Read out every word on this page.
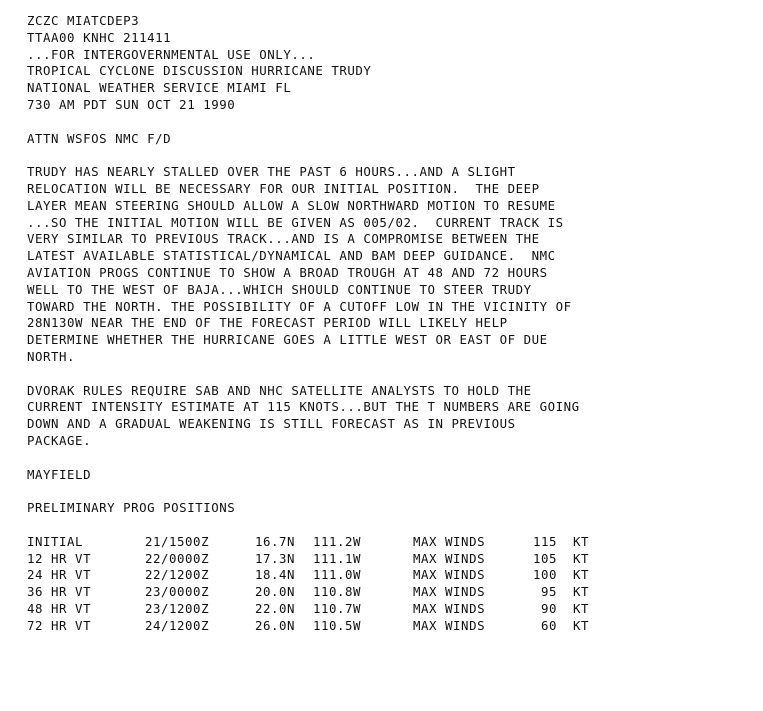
ZCZC MIATCDEP3
TTAA00 KNHC 211411
...FOR INTERGOVERNMENTAL USE ONLY...
TROPICAL CYCLONE DISCUSSION HURRICANE TRUDY
NATIONAL WEATHER SERVICE MIAMI FL
730 AM PDT SUN OCT 21 1990
ATTN WSFOS NMC F/D
TRUDY HAS NEARLY STALLED OVER THE PAST 6 HOURS...AND A SLIGHT
RELOCATION WILL BE NECESSARY FOR OUR INITIAL POSITION.  THE DEEP
LAYER MEAN STEERING SHOULD ALLOW A SLOW NORTHWARD MOTION TO RESUME
...SO THE INITIAL MOTION WILL BE GIVEN AS 005/02.  CURRENT TRACK IS
VERY SIMILAR TO PREVIOUS TRACK...AND IS A COMPROMISE BETWEEN THE
LATEST AVAILABLE STATISTICAL/DYNAMICAL AND BAM DEEP GUIDANCE.  NMC
AVIATION PROGS CONTINUE TO SHOW A BROAD TROUGH AT 48 AND 72 HOURS
WELL TO THE WEST OF BAJA...WHICH SHOULD CONTINUE TO STEER TRUDY
TOWARD THE NORTH. THE POSSIBILITY OF A CUTOFF LOW IN THE VICINITY OF
28N130W NEAR THE END OF THE FORECAST PERIOD WILL LIKELY HELP
DETERMINE WHETHER THE HURRICANE GOES A LITTLE WEST OR EAST OF DUE
NORTH.
DVORAK RULES REQUIRE SAB AND NHC SATELLITE ANALYSTS TO HOLD THE
CURRENT INTENSITY ESTIMATE AT 115 KNOTS...BUT THE T NUMBERS ARE GOING
DOWN AND A GRADUAL WEAKENING IS STILL FORECAST AS IN PREVIOUS
PACKAGE.
MAYFIELD
PRELIMINARY PROG POSITIONS
INITIAL	21/1500Z	16.7N	111.2W	MAX WINDS	115	KT
12 HR VT	22/0000Z	17.3N	111.1W	MAX WINDS	105	KT
24 HR VT	22/1200Z	18.4N	111.0W	MAX WINDS	100	KT
36 HR VT	23/0000Z	20.0N	110.8W	MAX WINDS	95	KT
48 HR VT	23/1200Z	22.0N	110.7W	MAX WINDS	90	KT
72 HR VT	24/1200Z	26.0N	110.5W	MAX WINDS	60	KT
